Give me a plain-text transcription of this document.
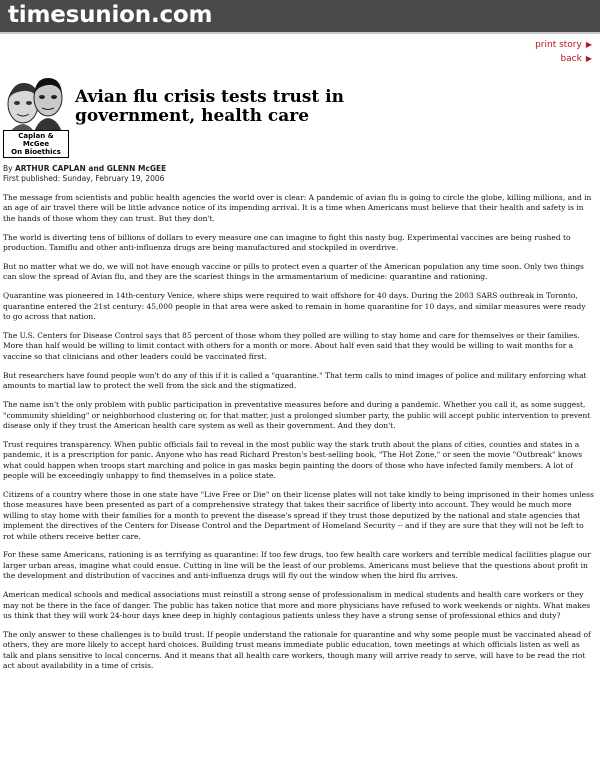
timesunion.com
print story ▶
back ▶
Caplan & McGee
On Bioethics
Avian flu crisis tests trust in government, health care
By ARTHUR CAPLAN and GLENN McGEE
First published: Sunday, February 19, 2006

The message from scientists and public health agencies the world over is clear: A pandemic of avian flu is going to circle the globe, killing millions, and in an age of air travel there will be little advance notice of its impending arrival. It is a time when Americans must believe that their health and safety is in the hands of those whom they can trust. But they don't.

The world is diverting tens of billions of dollars to every measure one can imagine to fight this nasty bug. Experimental vaccines are being rushed to production. Tamiflu and other anti-influenza drugs are being manufactured and stockpiled in overdrive.

But no matter what we do, we will not have enough vaccine or pills to protect even a quarter of the American population any time soon. Only two things can slow the spread of Avian flu, and they are the scariest things in the armamentarium of medicine: quarantine and rationing.

Quarantine was pioneered in 14th-century Venice, where ships were required to wait offshore for 40 days. During the 2003 SARS outbreak in Toronto, quarantine entered the 21st century: 45,000 people in that area were asked to remain in home quarantine for 10 days, and similar measures were ready to go across that nation.

The U.S. Centers for Disease Control says that 85 percent of those whom they polled are willing to stay home and care for themselves or their families. More than half would be willing to limit contact with others for a month or more. About half even said that they would be willing to wait months for a vaccine so that clinicians and other leaders could be vaccinated first.

But researchers have found people won't do any of this if it is called a "quarantine." That term calls to mind images of police and military enforcing what amounts to martial law to protect the well from the sick and the stigmatized.

The name isn't the only problem with public participation in preventative measures before and during a pandemic. Whether you call it, as some suggest, "community shielding" or neighborhood clustering or, for that matter, just a prolonged slumber party, the public will accept public intervention to prevent disease only if they trust the American health care system as well as their government. And they don't.

Trust requires transparency. When public officials fail to reveal in the most public way the stark truth about the plans of cities, counties and states in a pandemic, it is a prescription for panic. Anyone who has read Richard Preston's best-selling book, "The Hot Zone," or seen the movie "Outbreak" knows what could happen when troops start marching and police in gas masks begin painting the doors of those who have infected family members. A lot of people will be exceedingly unhappy to find themselves in a police state.

Citizens of a country where those in one state have "Live Free or Die" on their license plates will not take kindly to being imprisoned in their homes unless those measures have been presented as part of a comprehensive strategy that takes their sacrifice of liberty into account. They would be much more willing to stay home with their families for a month to prevent the disease's spread if they trust those deputized by the national and state agencies that implement the directives of the Centers for Disease Control and the Department of Homeland Security -- and if they are sure that they will not be left to rot while others receive better care.

For these same Americans, rationing is as terrifying as quarantine: If too few drugs, too few health care workers and terrible medical facilities plague our larger urban areas, imagine what could ensue. Cutting in line will be the least of our problems. Americans must believe that the questions about profit in the development and distribution of vaccines and anti-influenza drugs will fly out the window when the bird flu arrives.

American medical schools and medical associations must reinstill a strong sense of professionalism in medical students and health care workers or they may not be there in the face of danger. The public has taken notice that more and more physicians have refused to work weekends or nights. What makes us think that they will work 24-hour days knee deep in highly contagious patients unless they have a strong sense of professional ethics and duty?

The only answer to these challenges is to build trust. If people understand the rationale for quarantine and why some people must be vaccinated ahead of others, they are more likely to accept hard choices. Building trust means immediate public education, town meetings at which officials listen as well as talk and plans sensitive to local concerns. And it means that all health care workers, though many will arrive ready to serve, will have to be read the riot act about availability in a time of crisis.
